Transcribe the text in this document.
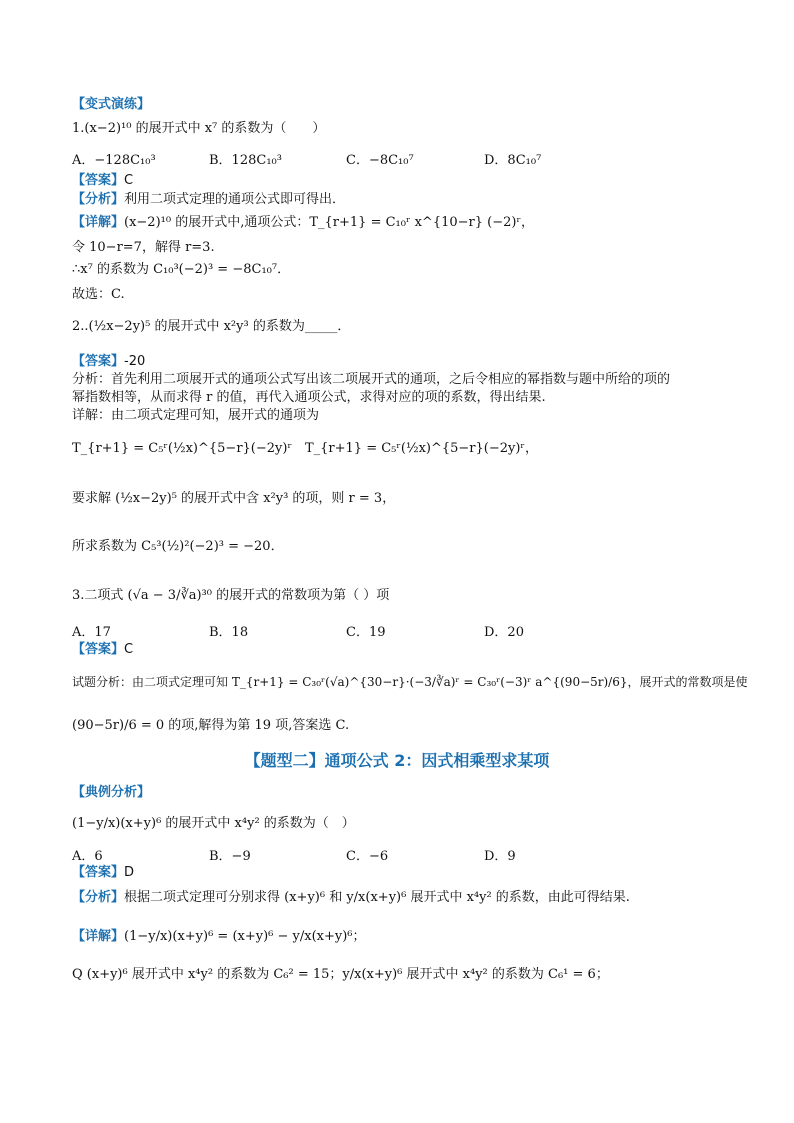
【变式演练】
1.(x−2)¹⁰ 的展开式中 x⁷ 的系数为（　　）
A．−128C₁₀³	B．128C₁₀³	C．−8C₁₀⁷	D．8C₁₀⁷
【答案】C
【分析】利用二项式定理的通项公式即可得出．
【详解】(x−2)¹⁰ 的展开式中,通项公式：T_{r+1} = C₁₀ʳ x^{10−r} (−2)ʳ，
令 10−r=7，解得 r=3.
∴x⁷ 的系数为 C₁₀³(−2)³ = −8C₁₀⁷．
故选：C.
2..(½x−2y)⁵ 的展开式中 x²y³ 的系数为_____．
【答案】-20
分析：首先利用二项展开式的通项公式写出该二项展开式的通项，之后令相应的幂指数与题中所给的项的
幂指数相等，从而求得 r 的值，再代入通项公式，求得对应的项的系数，得出结果.
详解：由二项式定理可知，展开式的通项为
T_{r+1} = C₅ʳ(½x)^{5−r}(−2y)ʳ　T_{r+1} = C₅ʳ(½x)^{5−r}(−2y)ʳ，
要求解 (½x−2y)⁵ 的展开式中含 x²y³ 的项，则 r = 3，
所求系数为 C₅³(½)²(−2)³ = −20．
3.二项式 (√a − 3/∛a)³⁰ 的展开式的常数项为第（ ）项
A．17	B．18	C．19	D．20
【答案】C
试题分析：由二项式定理可知 T_{r+1} = C₃₀ʳ(√a)^{30−r}·(−3/∛a)ʳ = C₃₀ʳ(−3)ʳ a^{(90−5r)/6}，展开式的常数项是使
(90−5r)/6 = 0 的项,解得为第 19 项,答案选 C.
【题型二】通项公式 2：因式相乘型求某项
【典例分析】
(1−y/x)(x+y)⁶ 的展开式中 x⁴y² 的系数为（　）
A．6	B．−9	C．−6	D．9
【答案】D
【分析】根据二项式定理可分别求得 (x+y)⁶ 和 y/x(x+y)⁶ 展开式中 x⁴y² 的系数，由此可得结果.
【详解】(1−y/x)(x+y)⁶ = (x+y)⁶ − y/x(x+y)⁶；
Q (x+y)⁶ 展开式中 x⁴y² 的系数为 C₆² = 15；y/x(x+y)⁶ 展开式中 x⁴y² 的系数为 C₆¹ = 6；
